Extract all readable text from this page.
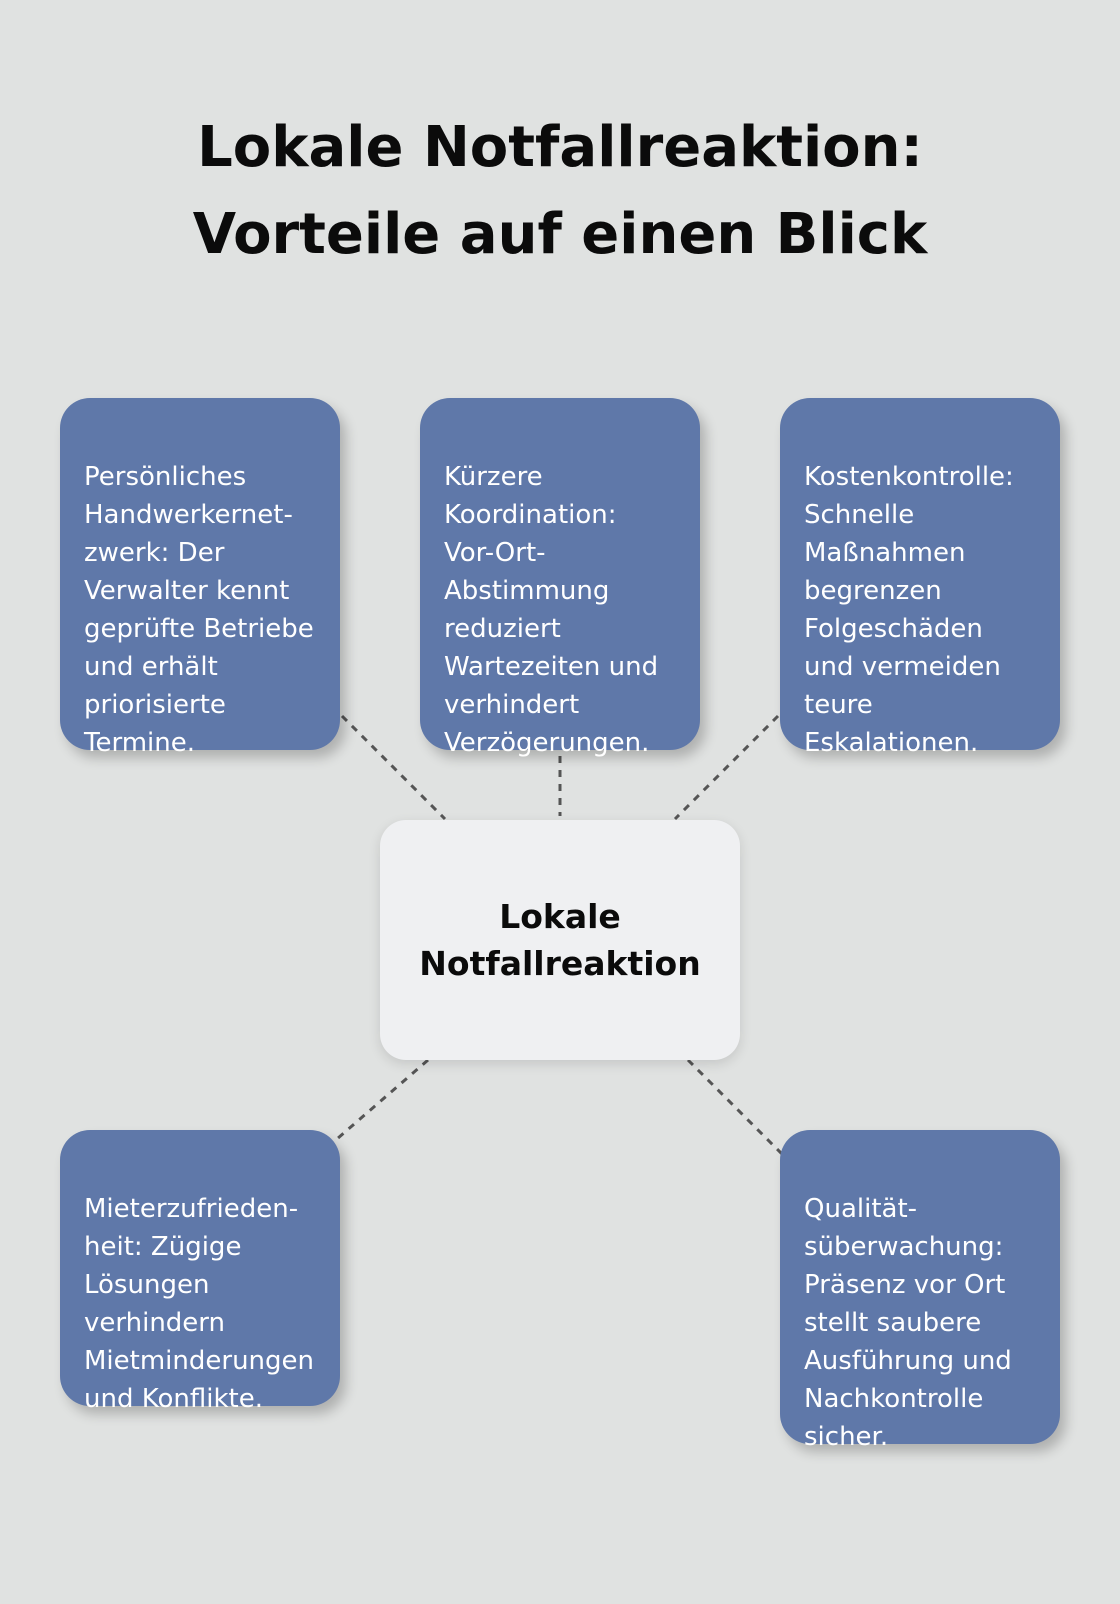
Lokale Notfallreaktion:
Vorteile auf einen Blick

Persönliches
Handwerkernet-
zwerk: Der
Verwalter kennt
geprüfte Betriebe
und erhält
priorisierte
Termine.

Kürzere
Koordination:
Vor-Ort-
Abstimmung
reduziert
Wartezeiten und
verhindert
Verzögerungen.

Kostenkontrolle:
Schnelle
Maßnahmen
begrenzen
Folgeschäden
und vermeiden
teure
Eskalationen.

Lokale
Notfallreaktion

Mieterzufrieden-
heit: Zügige
Lösungen
verhindern
Mietminderungen
und Konflikte.

Qualität-
süberwachung:
Präsenz vor Ort
stellt saubere
Ausführung und
Nachkontrolle
sicher.
